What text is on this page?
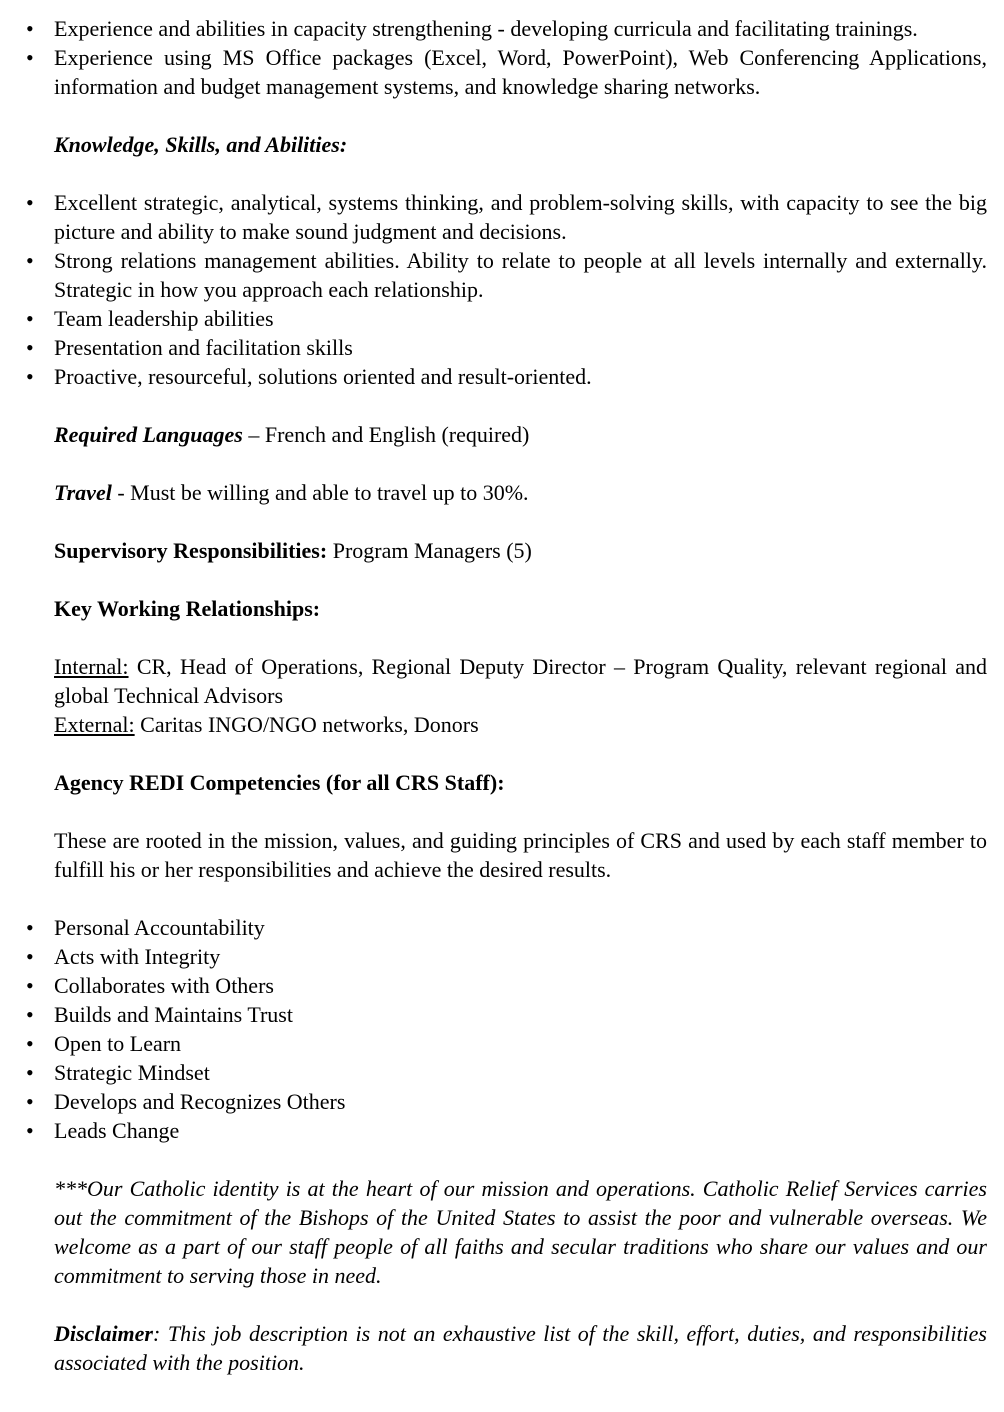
• Experience and abilities in capacity strengthening - developing curricula and facilitating trainings.
• Experience using MS Office packages (Excel, Word, PowerPoint), Web Conferencing Applications, information and budget management systems, and knowledge sharing networks.

Knowledge, Skills, and Abilities:

• Excellent strategic, analytical, systems thinking, and problem-solving skills, with capacity to see the big picture and ability to make sound judgment and decisions.
• Strong relations management abilities. Ability to relate to people at all levels internally and externally. Strategic in how you approach each relationship.
• Team leadership abilities
• Presentation and facilitation skills
• Proactive, resourceful, solutions oriented and result-oriented.

Required Languages – French and English (required)

Travel - Must be willing and able to travel up to 30%.

Supervisory Responsibilities: Program Managers (5)

Key Working Relationships:

Internal: CR, Head of Operations, Regional Deputy Director – Program Quality, relevant regional and global Technical Advisors

External: Caritas INGO/NGO networks, Donors

Agency REDI Competencies (for all CRS Staff):

These are rooted in the mission, values, and guiding principles of CRS and used by each staff member to fulfill his or her responsibilities and achieve the desired results.

• Personal Accountability
• Acts with Integrity
• Collaborates with Others
• Builds and Maintains Trust
• Open to Learn
• Strategic Mindset
• Develops and Recognizes Others
• Leads Change

***Our Catholic identity is at the heart of our mission and operations. Catholic Relief Services carries out the commitment of the Bishops of the United States to assist the poor and vulnerable overseas. We welcome as a part of our staff people of all faiths and secular traditions who share our values and our commitment to serving those in need.

Disclaimer: This job description is not an exhaustive list of the skill, effort, duties, and responsibilities associated with the position.
